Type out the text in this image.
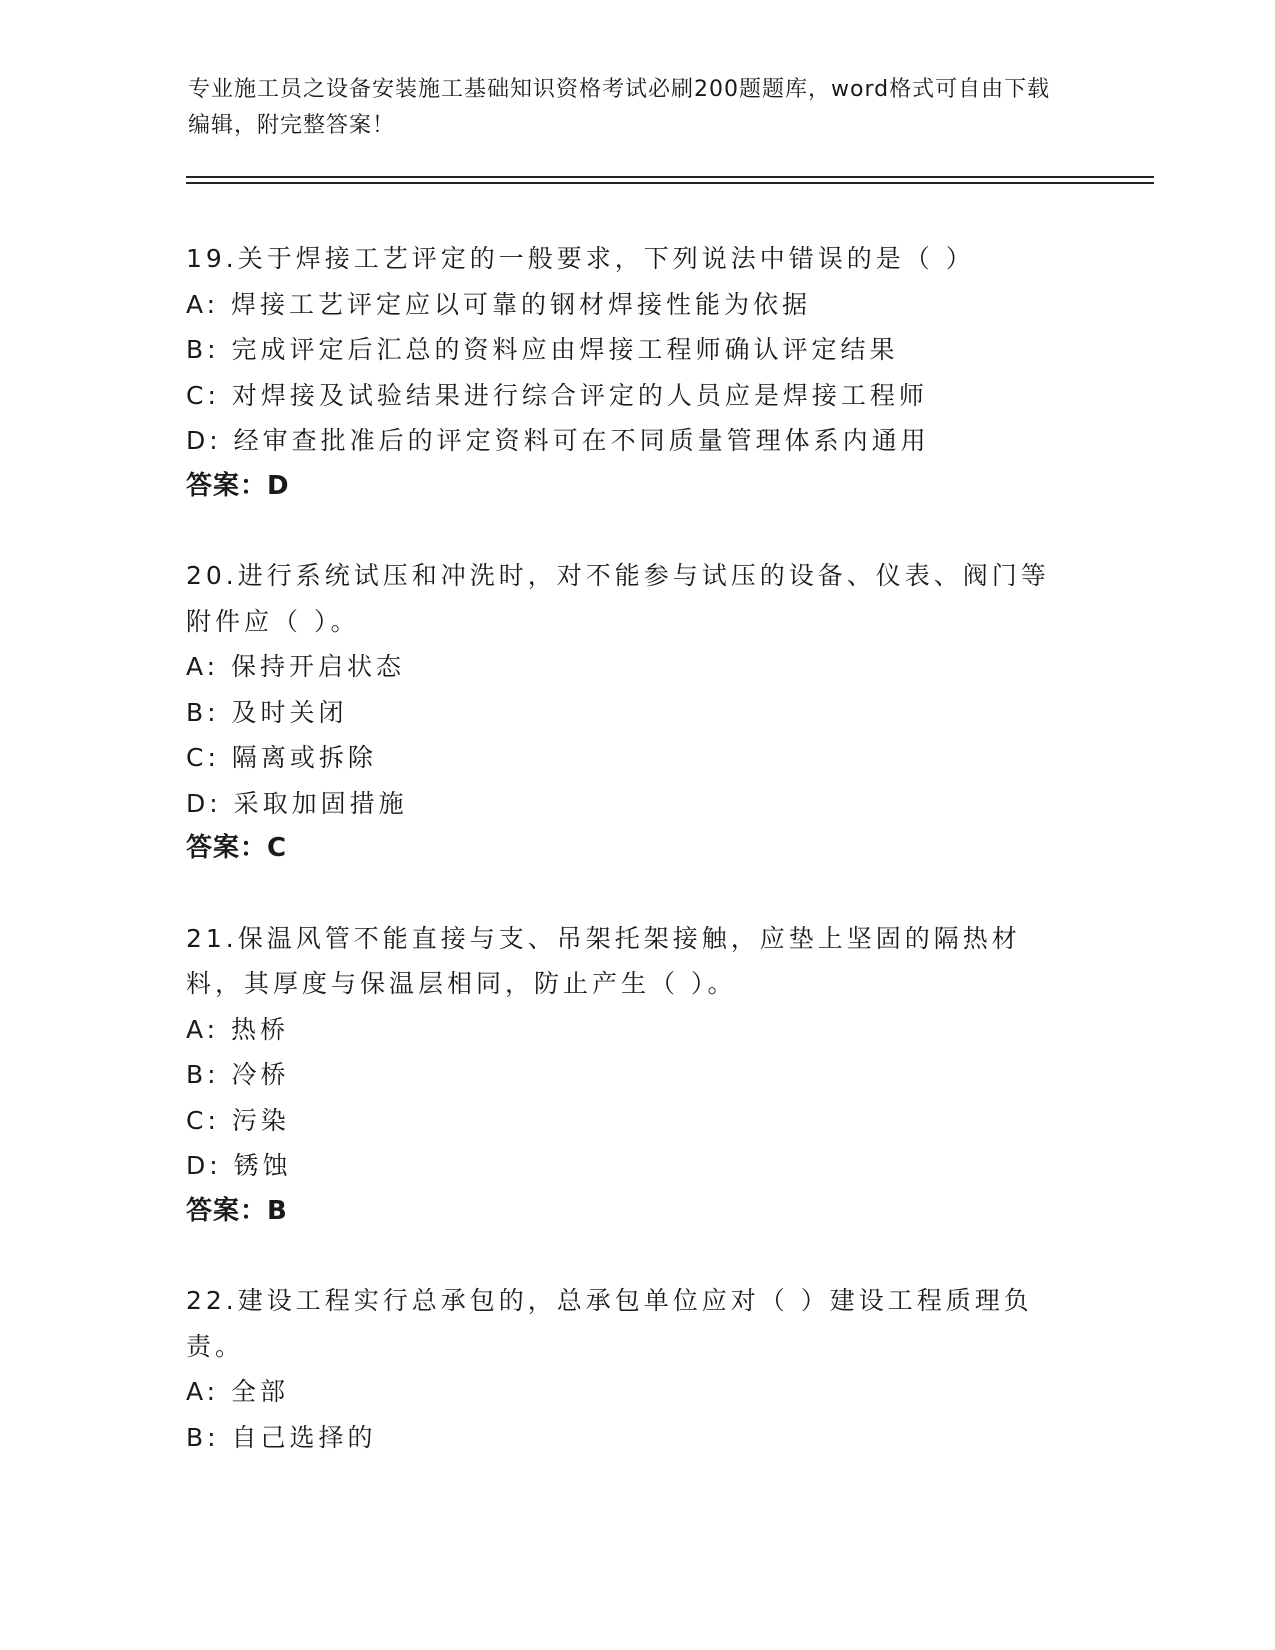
专业施工员之设备安装施工基础知识资格考试必刷200题题库，word格式可自由下载编辑，附完整答案！
19.关于焊接工艺评定的一般要求，下列说法中错误的是（ ）
A: 焊接工艺评定应以可靠的钢材焊接性能为依据
B: 完成评定后汇总的资料应由焊接工程师确认评定结果
C: 对焊接及试验结果进行综合评定的人员应是焊接工程师
D: 经审查批准后的评定资料可在不同质量管理体系内通用
答案：D
20.进行系统试压和冲洗时，对不能参与试压的设备、仪表、阀门等附件应（ ）。
A: 保持开启状态
B: 及时关闭
C: 隔离或拆除
D: 采取加固措施
答案：C
21.保温风管不能直接与支、吊架托架接触，应垫上坚固的隔热材料，其厚度与保温层相同，防止产生（ ）。
A: 热桥
B: 冷桥
C: 污染
D: 锈蚀
答案：B
22.建设工程实行总承包的，总承包单位应对（ ）建设工程质理负责。
A: 全部
B: 自己选择的
